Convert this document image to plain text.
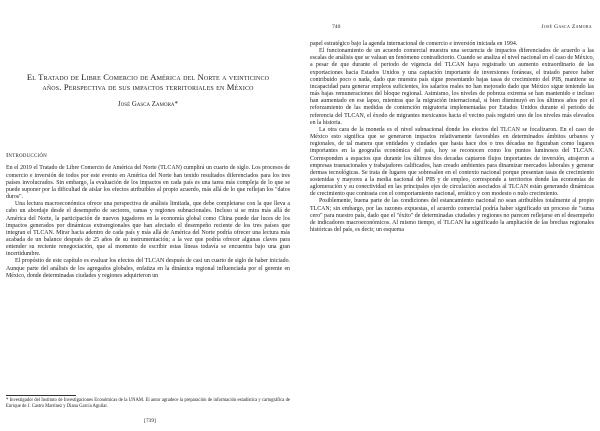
El Tratado de Libre Comercio de América del Norte a veinticinco años. Perspectiva de sus impactos territoriales en México
José Gasca Zamora*
Introducción

En el 2019 el Tratado de Libre Comercio de América del Norte (TLCAN) cumplirá un cuarto de siglo. Los procesos de comercio e inversión de todos por este evento en América del Norte han tenido resultados diferenciados para los tres países involucrados. Sin embargo, la evaluación de los impactos en cada país es una tarea más compleja de lo que se puede suponer por la dificultad de aislar los efectos atribuibles al propio acuerdo, más allá de lo que reflejan los "datos duros".

Una lectura macroeconómica ofrece una perspectiva de análisis limitada, que debe completarse con la que lleva a cabo un abordaje desde el desempeño de sectores, ramas y regiones subnacionales. Incluso si se mira más allá de América del Norte, la participación de nuevos jugadores en la economía global como China puede dar luces de los impactos generados por dinámicas extraregionales que han afectado el desempeño reciente de los tres países que integran el TLCAN. Mirar hacia adentro de cada país y más allá de América del Norte podría ofrecer una lectura más acabada de un balance después de 25 años de su instrumentación; a la vez que podría ofrecer algunas claves para entender su reciente renegociación, que al momento de escribir estas líneas todavía se encuentra bajo una gran incertidumbre.

El propósito de este capítulo es evaluar los efectos del TLCAN después de casi un cuarto de siglo de haber iniciado. Aunque parte del análisis de los agregados globales, enfatiza en la dinámica regional influenciada por el gerente en México, donde determinadas ciudades y regiones adquirieron un

* Investigador del Instituto de Investigaciones Económicas de la UNAM. El autor agradece la preparación de información estadística y cartográfica de Enrique de J. Castro Martínez y Diana García Aguilar.
[739]
740	José Gasca Zamora

papel estratégico bajo la agenda internacional de comercio e inversión iniciada en 1994.

El funcionamiento de un acuerdo comercial muestra una secuencia de impactos diferenciados de acuerdo a las escalas de análisis que se valuan un fenómeno contradictorio. Cuando se analiza el nivel nacional en el caso de México, a pesar de que durante el periodo de vigencia del TLCAN haya registrado un aumento extraordinario de las exportaciones hacia Estados Unidos y una captación importante de inversiones foráneas, el tratado parece haber contribuido poco o nada, dado que muestra país sigue presentando bajas tasas de crecimiento del PIB, mantiene su incapacidad para generar empleos suficientes, los salarios reales no han mejorado dado que México sigue teniendo las más bajas remuneraciones del bloque regional. Asimismo, los niveles de pobreza extrema se han mantenido e incluso han aumentado en ese lapso, mientras que la migración internacional, si bien disminuyó en los últimos años por el reforzamiento de las medidas de contención migratoria implementadas por Estados Unidos durante el periodo de referencia del TLCAN, el éxodo de migrantes mexicanos hacia el vecino país registró uno de los niveles más elevados en la historia.

La otra cara de la moneda es el nivel subnacional donde los efectos del TLCAN se focalizaron. En el caso de México esto significa que se generaron impactos relativamente favorables en determinados ámbitos urbanos y regionales, de tal manera que entidades y ciudades que hasta hace dos o tres décadas no figuraban como lugares importantes en la geografía económica del país, hoy se reconocen como los puntos luminosos del TLCAN. Corresponden a espacios que durante los últimos dos decadas captaron flujos importantes de inversión, atrajeron a empresas trasnacionales y trabajadores calificados, han creado ambientes para dinamizar mercados laborales y generar dermas tecnológicas. Se trata de lugares que sobresalen en el contexto nacional porque presentan tasas de crecimiento sostenidas y mayores a la media nacional del PIB y de empleo, corresponde a territorios donde las economías de aglomeración y su conectividad en las principales ejes de circulación asociados al TLCAN están generando dinámicas de crecimiento que contrasta con el comportamiento nacional, errático y con modesto o nulo crecimiento.

Posiblemente, buena parte de las condiciones del estancamiento nacional no sean atribuibles totalmente al propio TLCAN; sin embargo, por las razones expuestas, el acuerdo comercial podría haber significado un proceso de "suma cero" para nuestro país, dado que el "éxito" de determinadas ciudades y regiones no parecen reflejarse en el desempeño de indicadores macroeconómicos. Al mismo tiempo, el TLCAN ha significado la ampliación de las brechas regionales históricas del país, es decir, un esquema
